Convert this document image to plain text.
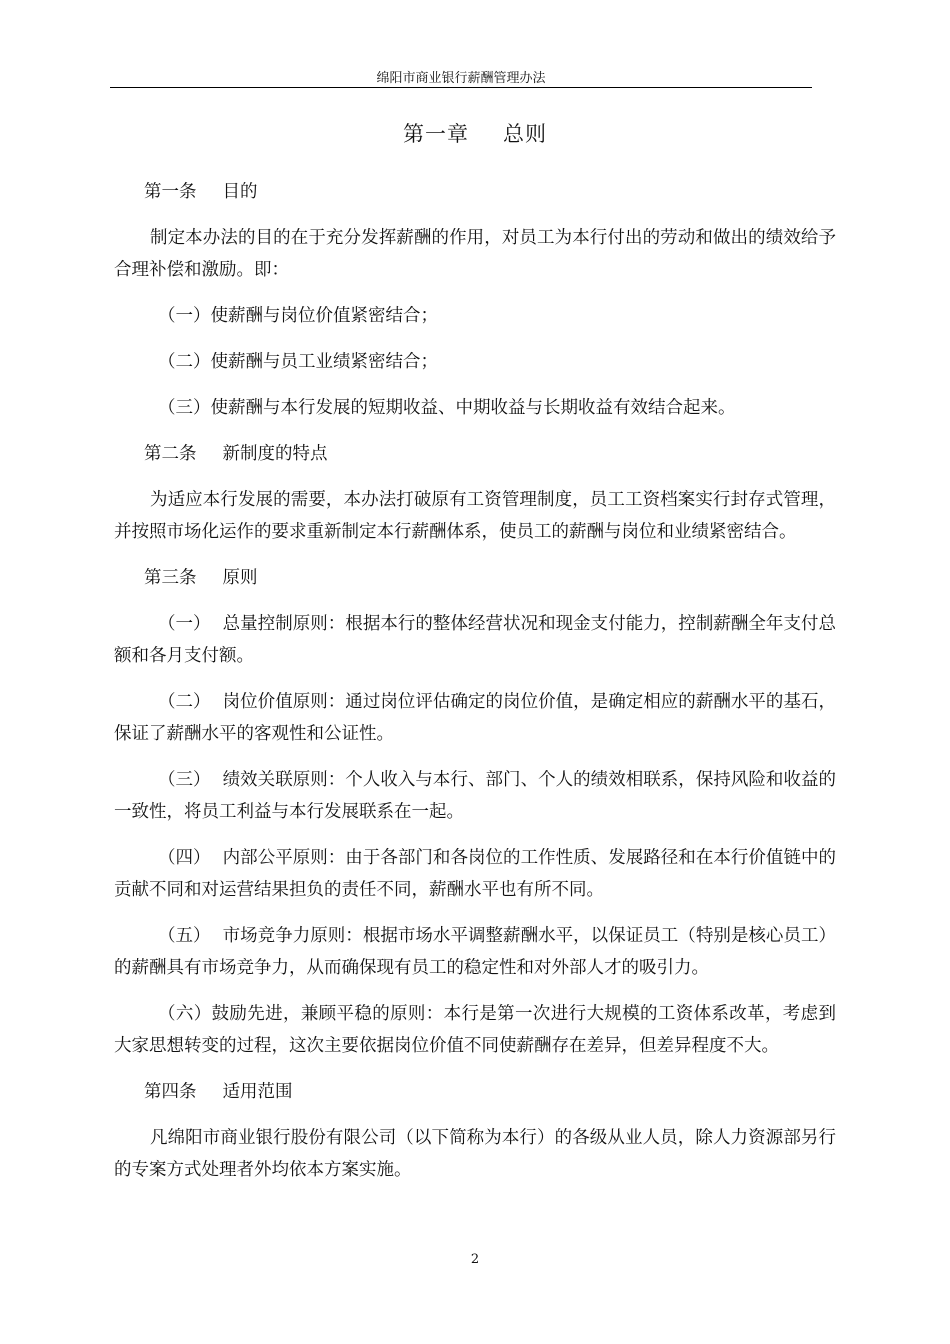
绵阳市商业银行薪酬管理办法
第一章 总则

第一条 目的

制定本办法的目的在于充分发挥薪酬的作用，对员工为本行付出的劳动和做出的绩效给予合理补偿和激励。即：

（一）使薪酬与岗位价值紧密结合；

（二）使薪酬与员工业绩紧密结合；

（三）使薪酬与本行发展的短期收益、中期收益与长期收益有效结合起来。

第二条 新制度的特点

为适应本行发展的需要，本办法打破原有工资管理制度，员工工资档案实行封存式管理，并按照市场化运作的要求重新制定本行薪酬体系，使员工的薪酬与岗位和业绩紧密结合。

第三条 原则

（一） 总量控制原则：根据本行的整体经营状况和现金支付能力，控制薪酬全年支付总额和各月支付额。

（二） 岗位价值原则：通过岗位评估确定的岗位价值，是确定相应的薪酬水平的基石，保证了薪酬水平的客观性和公证性。

（三） 绩效关联原则：个人收入与本行、部门、个人的绩效相联系，保持风险和收益的一致性，将员工利益与本行发展联系在一起。

（四） 内部公平原则：由于各部门和各岗位的工作性质、发展路径和在本行价值链中的贡献不同和对运营结果担负的责任不同，薪酬水平也有所不同。

（五） 市场竞争力原则：根据市场水平调整薪酬水平，以保证员工（特别是核心员工）的薪酬具有市场竞争力，从而确保现有员工的稳定性和对外部人才的吸引力。

（六）鼓励先进，兼顾平稳的原则：本行是第一次进行大规模的工资体系改革，考虑到大家思想转变的过程，这次主要依据岗位价值不同使薪酬存在差异，但差异程度不大。

第四条 适用范围

凡绵阳市商业银行股份有限公司（以下简称为本行）的各级从业人员，除人力资源部另行的专案方式处理者外均依本方案实施。

2
